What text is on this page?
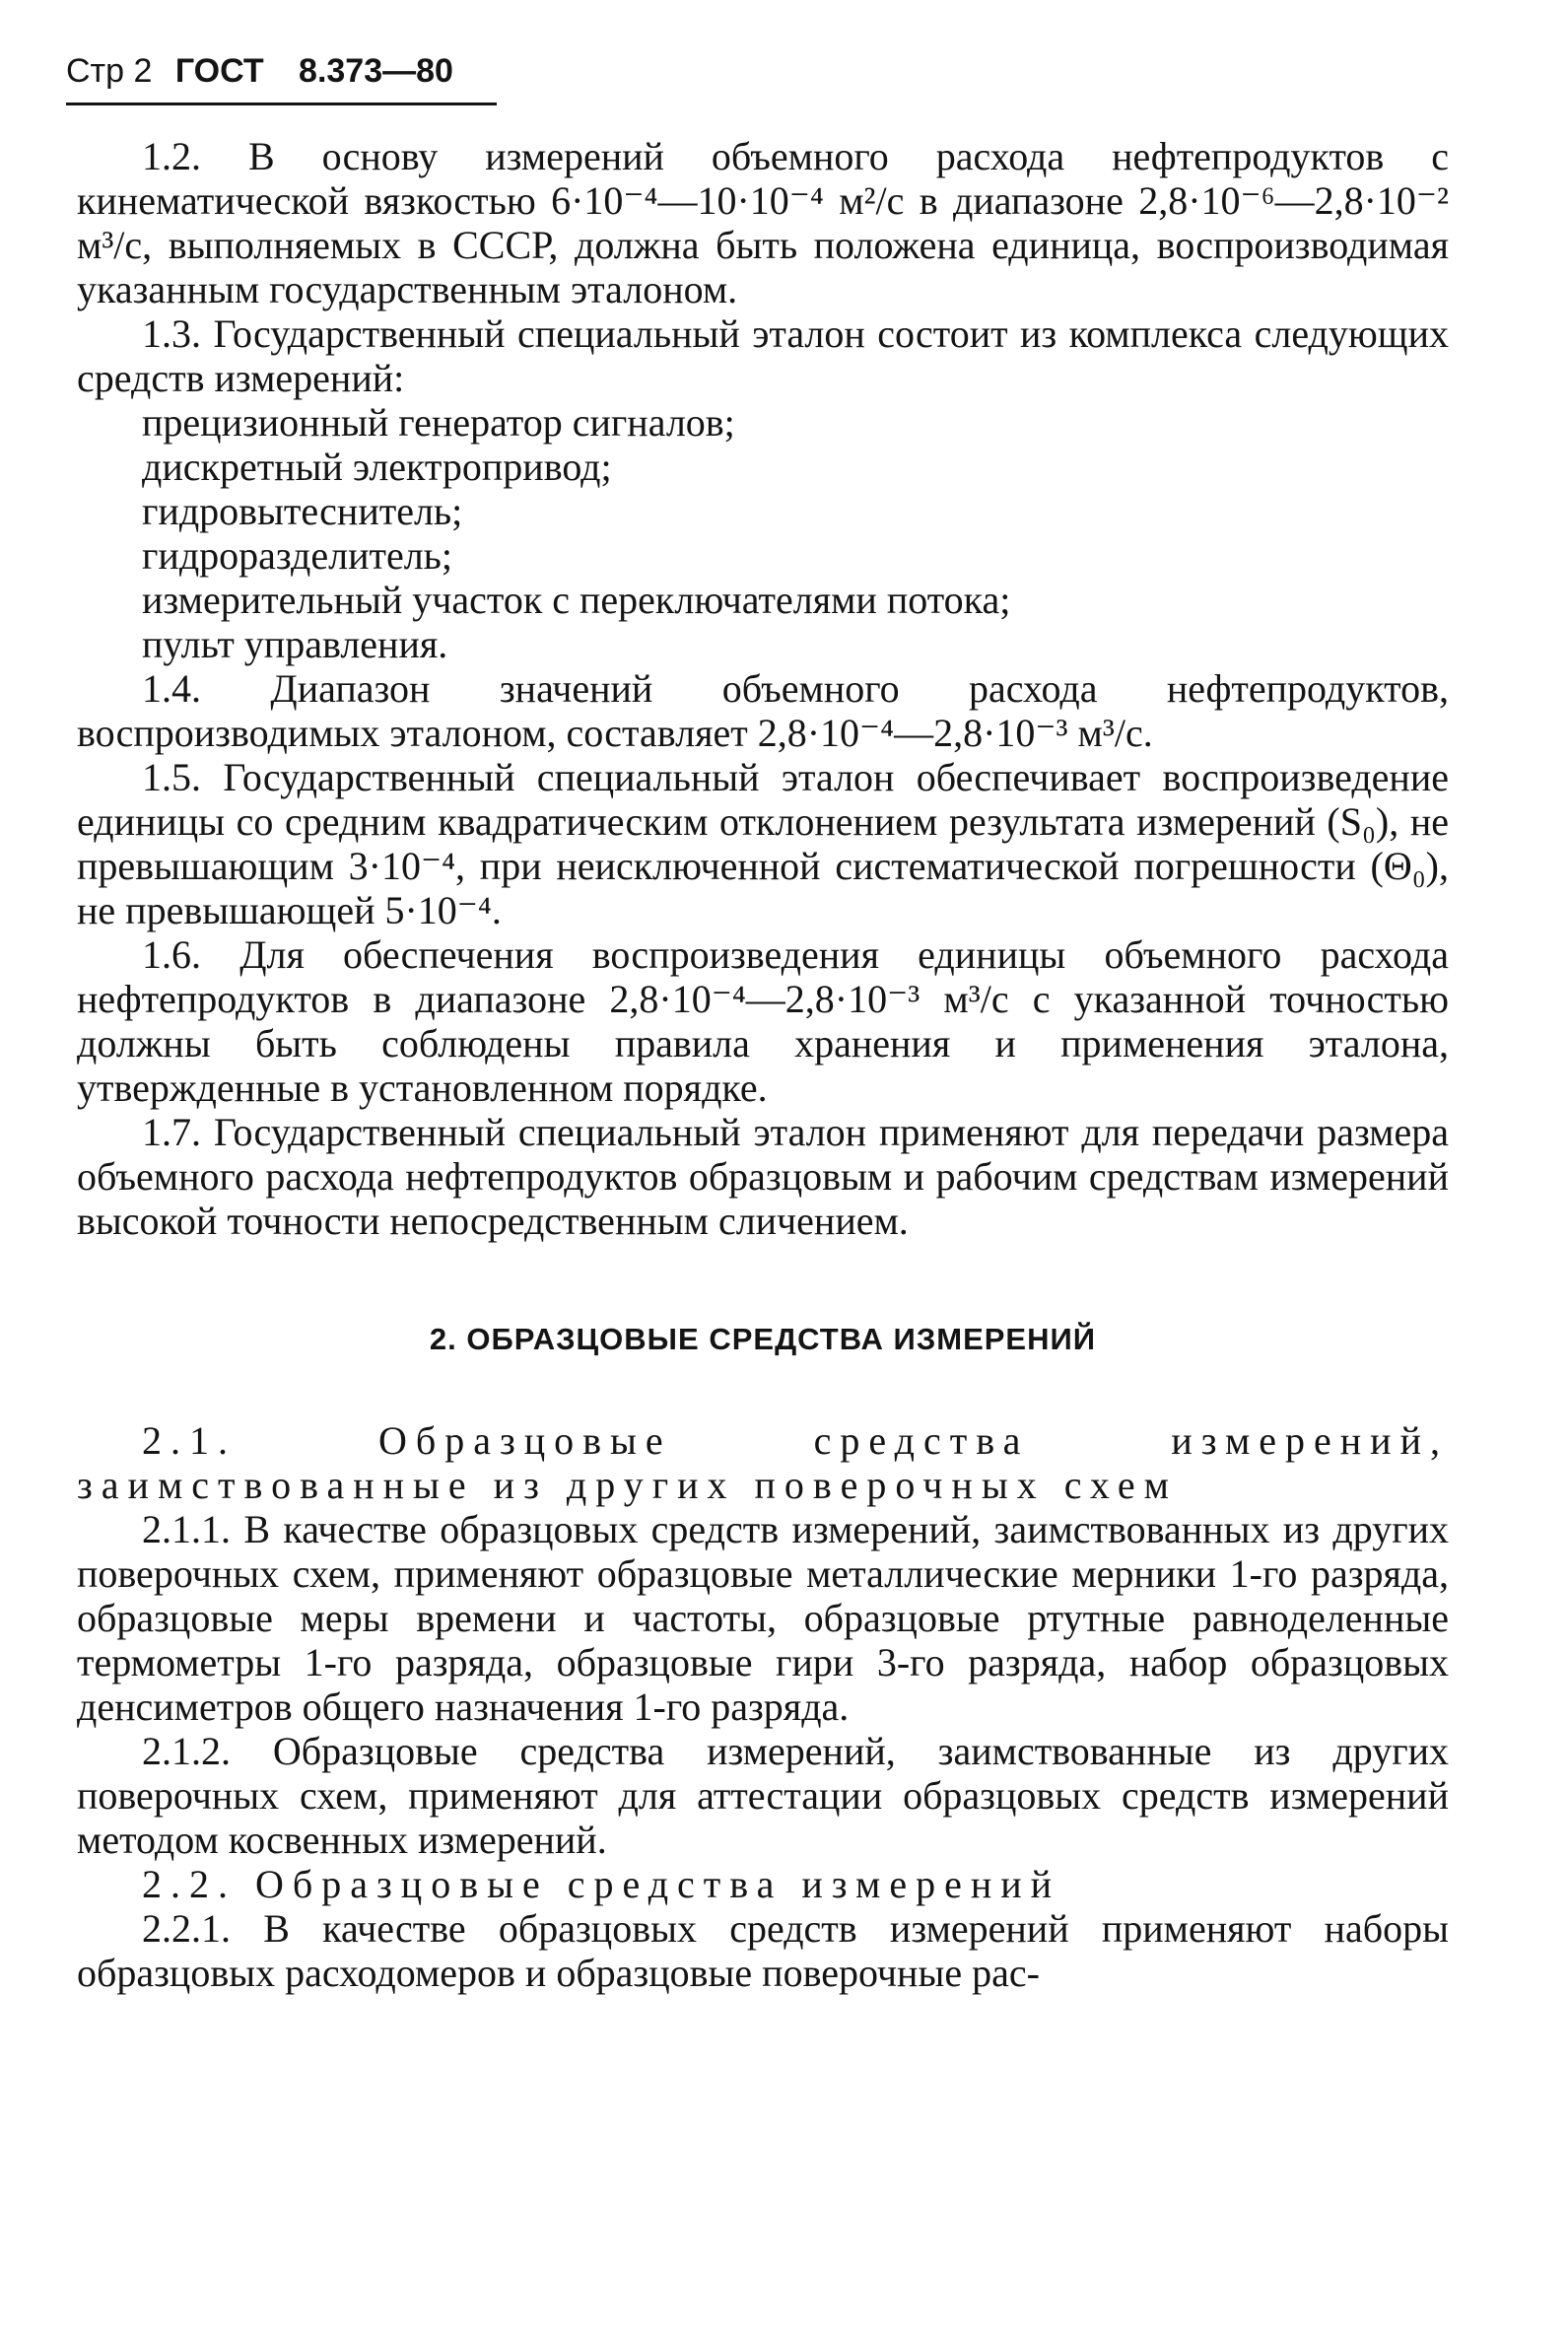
Стр 2 ГОСТ 8.373—80

1.2. В основу измерений объемного расхода нефтепродуктов с кинематической вязкостью 6·10⁻⁴—10·10⁻⁴ м²/с в диапазоне 2,8·10⁻⁶—2,8·10⁻² м³/с, выполняемых в СССР, должна быть положена единица, воспроизводимая указанным государственным эталоном.

1.3. Государственный специальный эталон состоит из комплекса следующих средств измерений:

прецизионный генератор сигналов;
дискретный электропривод;
гидровытеснитель;
гидроразделитель;
измерительный участок с переключателями потока;
пульт управления.

1.4. Диапазон значений объемного расхода нефтепродуктов, воспроизводимых эталоном, составляет 2,8·10⁻⁴—2,8·10⁻³ м³/с.

1.5. Государственный специальный эталон обеспечивает воспроизведение единицы со средним квадратическим отклонением результата измерений (S₀), не превышающим 3·10⁻⁴, при неисключенной систематической погрешности (Θ₀), не превышающей 5·10⁻⁴.

1.6. Для обеспечения воспроизведения единицы объемного расхода нефтепродуктов в диапазоне 2,8·10⁻⁴—2,8·10⁻³ м³/с с указанной точностью должны быть соблюдены правила хранения и применения эталона, утвержденные в установленном порядке.

1.7. Государственный специальный эталон применяют для передачи размера объемного расхода нефтепродуктов образцовым и рабочим средствам измерений высокой точности непосредственным сличением.

2. ОБРАЗЦОВЫЕ СРЕДСТВА ИЗМЕРЕНИЙ

2.1. Образцовые средства измерений, заимствованные из других поверочных схем

2.1.1. В качестве образцовых средств измерений, заимствованных из других поверочных схем, применяют образцовые металлические мерники 1-го разряда, образцовые меры времени и частоты, образцовые ртутные равноделенные термометры 1-го разряда, образцовые гири 3-го разряда, набор образцовых денсиметров общего назначения 1-го разряда.

2.1.2. Образцовые средства измерений, заимствованные из других поверочных схем, применяют для аттестации образцовых средств измерений методом косвенных измерений.

2.2. Образцовые средства измерений

2.2.1. В качестве образцовых средств измерений применяют наборы образцовых расходомеров и образцовые поверочные рас-
